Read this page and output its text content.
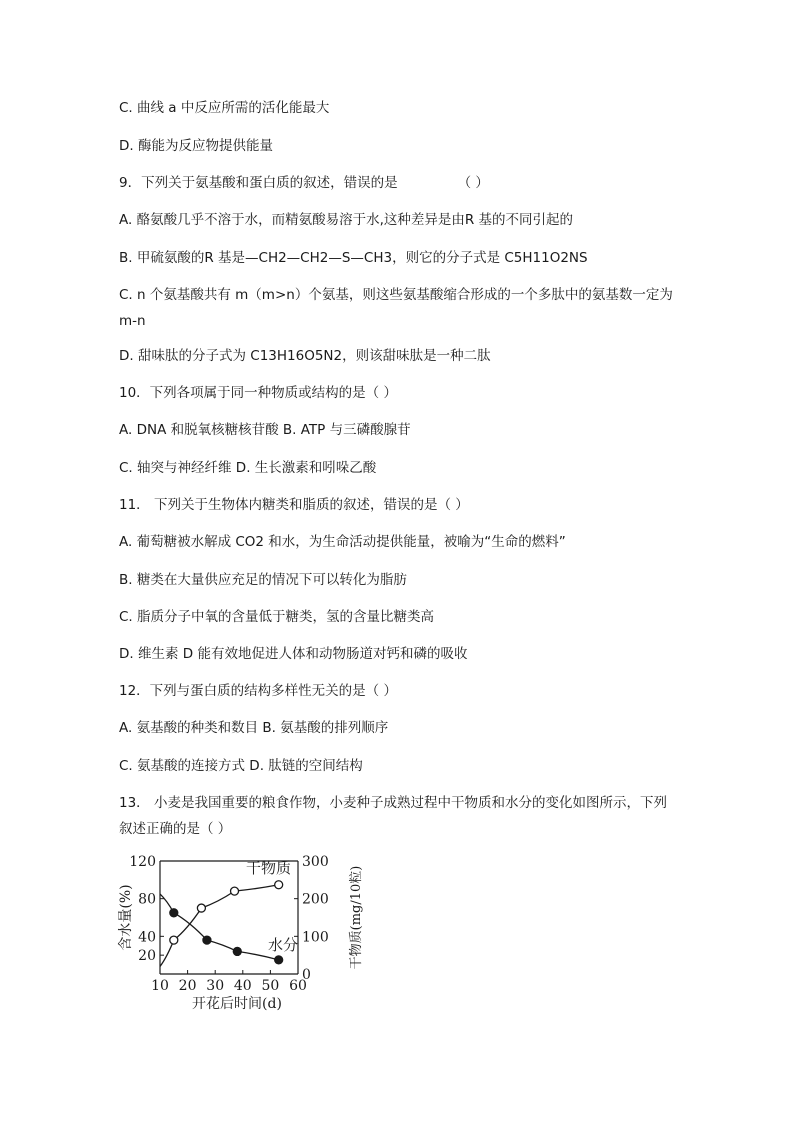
C. 曲线 a 中反应所需的活化能最大
D. 酶能为反应物提供能量
9．下列关于氨基酸和蛋白质的叙述，错误的是	（ ）
A. 酪氨酸几乎不溶于水，而精氨酸易溶于水,这种差异是由R 基的不同引起的
B. 甲硫氨酸的R 基是—CH2—CH2—S—CH3，则它的分子式是 C5H11O2NS
C. n 个氨基酸共有 m（m>n）个氨基，则这些氨基酸缩合形成的一个多肽中的氨基数一定为 m-n
D. 甜味肽的分子式为 C13H16O5N2，则该甜味肽是一种二肽
10．下列各项属于同一种物质或结构的是（ ）
A. DNA 和脱氧核糖核苷酸 B. ATP 与三磷酸腺苷
C. 轴突与神经纤维 D. 生长激素和吲哚乙酸
11． 下列关于生物体内糖类和脂质的叙述，错误的是（ ）
A. 葡萄糖被水解成 CO2 和水，为生命活动提供能量，被喻为“生命的燃料”
B. 糖类在大量供应充足的情况下可以转化为脂肪
C. 脂质分子中氧的含量低于糖类，氢的含量比糖类高
D. 维生素 D 能有效地促进人体和动物肠道对钙和磷的吸收
12．下列与蛋白质的结构多样性无关的是（ ）
A. 氨基酸的种类和数目 B. 氨基酸的排列顺序
C. 氨基酸的连接方式 D. 肽链的空间结构
13． 小麦是我国重要的粮食作物，小麦种子成熟过程中干物质和水分的变化如图所示，下列叙述正确的是（ ）
10 20 30 40 50 60
20
40
80
120
0
100
200
300
开花后时间(d)
含水量(%)	干物质(mg/10粒)
干物质
水分
